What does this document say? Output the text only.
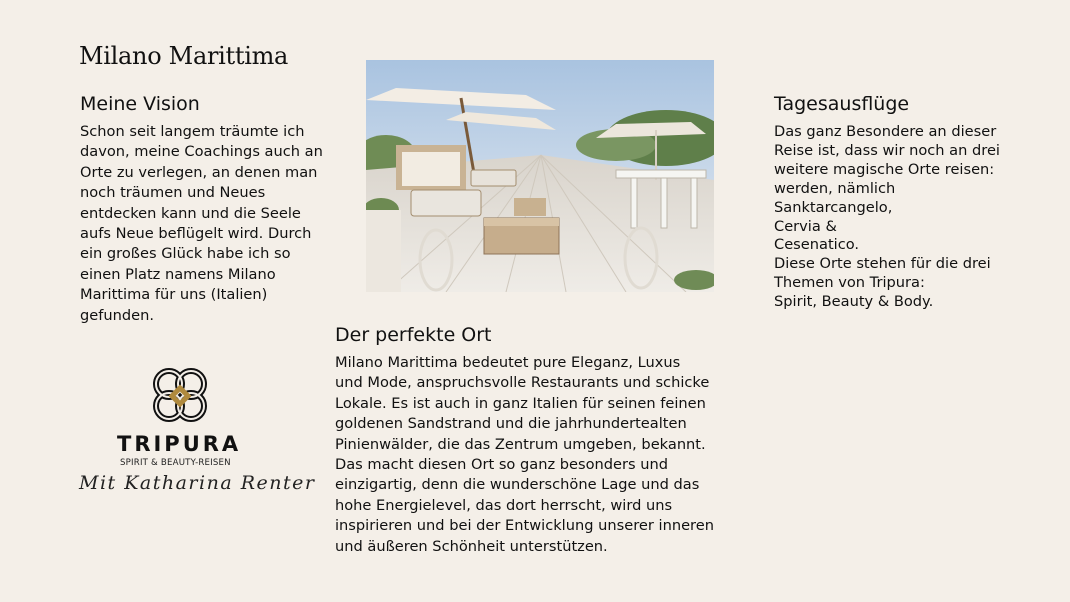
Milano Marittima
Meine Vision
Schon seit langem träumte ich
davon, meine Coachings auch an
Orte zu verlegen, an denen man
noch träumen und Neues
entdecken kann und die Seele
aufs Neue beflügelt wird. Durch
ein großes Glück habe ich so
einen Platz namens Milano
Marittima für uns (Italien)
gefunden.
Der perfekte Ort
Milano Marittima bedeutet pure Eleganz, Luxus
und Mode, anspruchsvolle Restaurants und schicke
Lokale. Es ist auch in ganz Italien für seinen feinen
goldenen Sandstrand und die jahrhundertealten
Pinienwälder, die das Zentrum umgeben, bekannt.
Das macht diesen Ort so ganz besonders und
einzigartig, denn die wunderschöne Lage und das
hohe Energielevel, das dort herrscht, wird uns
inspirieren und bei der Entwicklung unserer inneren
und äußeren Schönheit unterstützen.
Tagesausflüge
Das ganz Besondere an dieser
Reise ist, dass wir noch an drei
weitere magische Orte reisen:
werden, nämlich
Sanktarcangelo,
Cervia &
Cesenatico.
Diese Orte stehen für die drei
Themen von Tripura:
Spirit, Beauty & Body.
TRIPURA
SPIRIT & BEAUTY-REISEN
Mit Katharina Renter
